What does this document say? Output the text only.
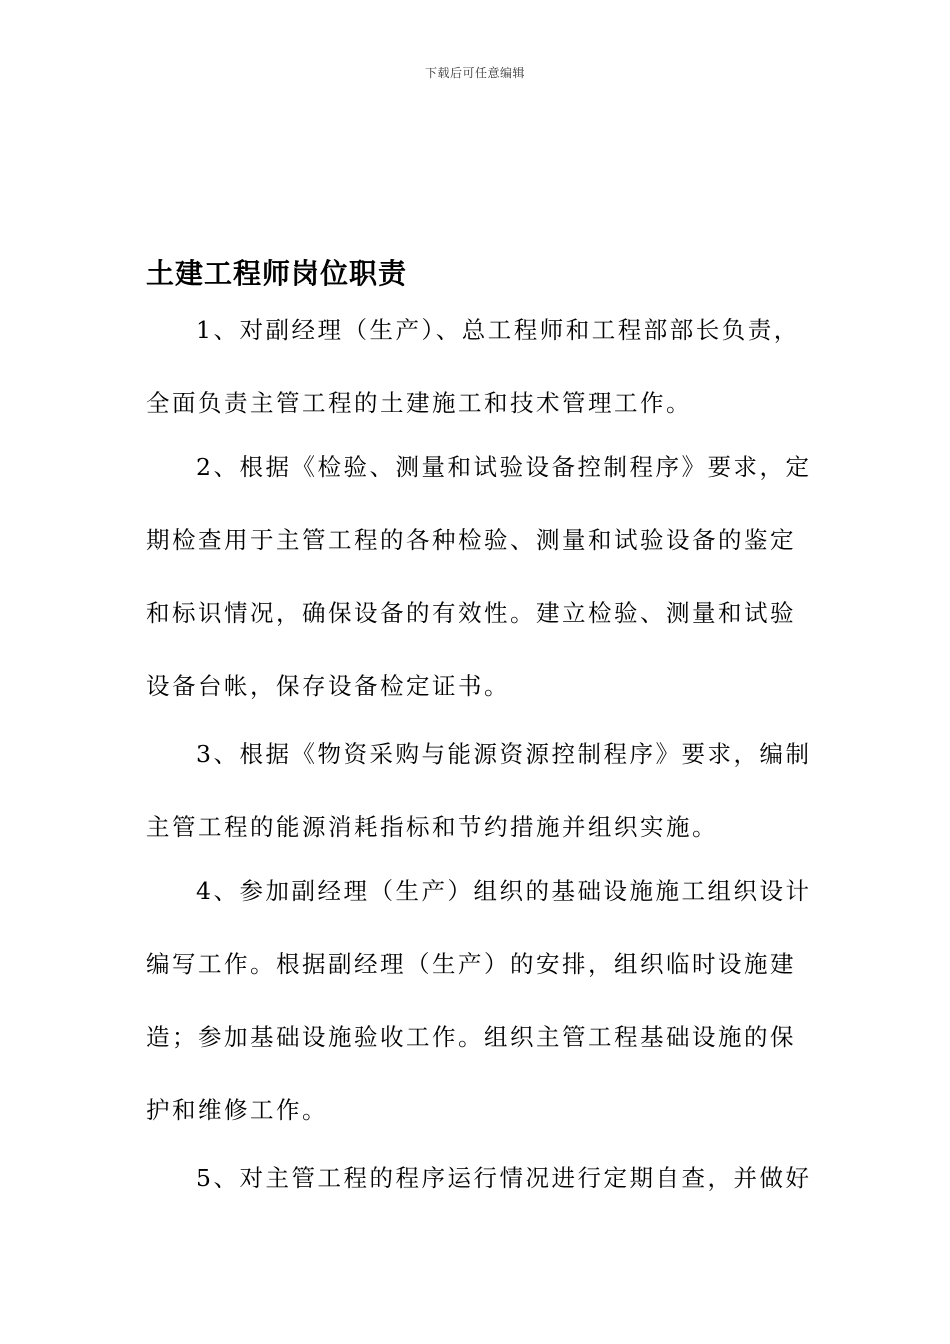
下载后可任意编辑
土建工程师岗位职责
1、对副经理（生产）、总工程师和工程部部长负责，
全面负责主管工程的土建施工和技术管理工作。
2、根据《检验、测量和试验设备控制程序》要求，定
期检查用于主管工程的各种检验、测量和试验设备的鉴定
和标识情况，确保设备的有效性。建立检验、测量和试验
设备台帐，保存设备检定证书。
3、根据《物资采购与能源资源控制程序》要求，编制
主管工程的能源消耗指标和节约措施并组织实施。
4、参加副经理（生产）组织的基础设施施工组织设计
编写工作。根据副经理（生产）的安排，组织临时设施建
造；参加基础设施验收工作。组织主管工程基础设施的保
护和维修工作。
5、对主管工程的程序运行情况进行定期自查，并做好
